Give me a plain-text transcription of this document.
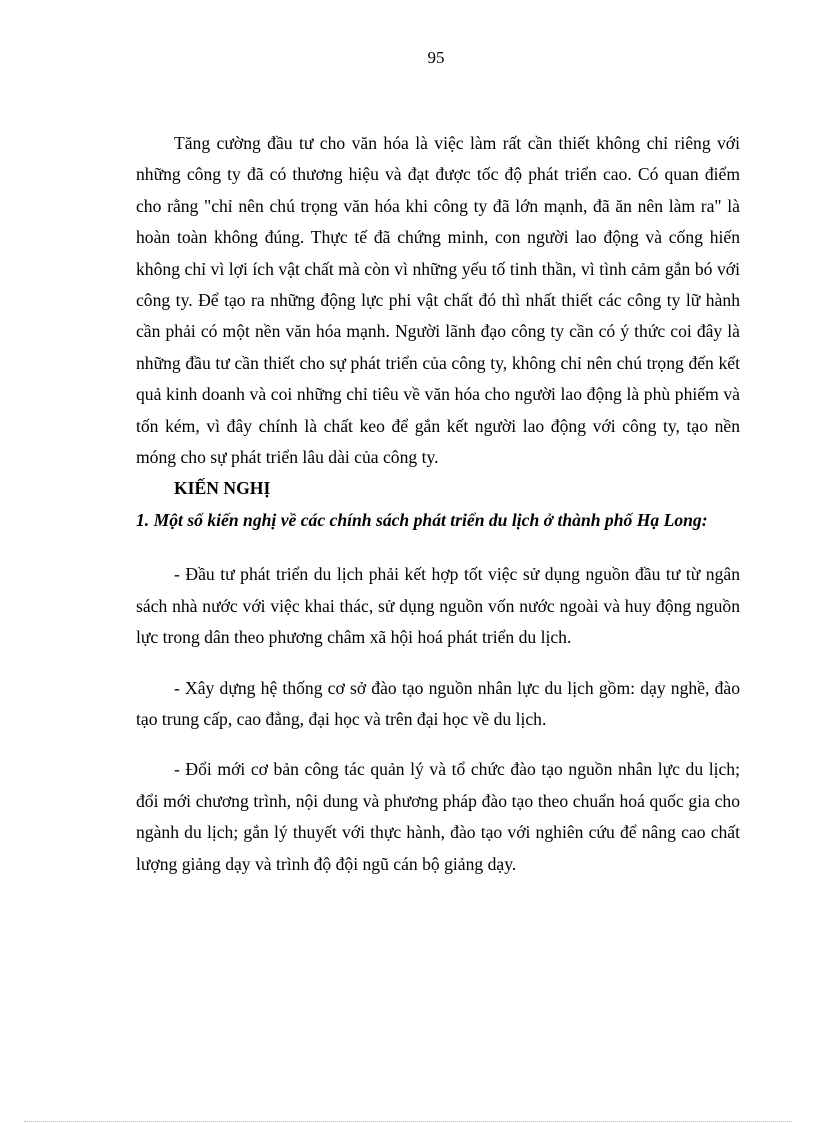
95

Tăng cường đầu tư cho văn hóa là việc làm rất cần thiết không chỉ riêng với những công ty đã có thương hiệu và đạt được tốc độ phát triển cao. Có quan điểm cho rằng "chỉ nên chú trọng văn hóa khi công ty đã lớn mạnh, đã ăn nên làm ra" là hoàn toàn không đúng. Thực tế đã chứng minh, con người lao động và cống hiến không chỉ vì lợi ích vật chất mà còn vì những yếu tố tinh thần, vì tình cảm gắn bó với công ty. Để tạo ra những động lực phi vật chất đó thì nhất thiết các công ty lữ hành cần phải có một nền văn hóa mạnh. Người lãnh đạo công ty cần có ý thức coi đây là những đầu tư cần thiết cho sự phát triển của công ty, không chỉ nên chú trọng đến kết quả kinh doanh và coi những chỉ tiêu về văn hóa cho người lao động là phù phiếm và tốn kém, vì đây chính là chất keo để gắn kết người lao động với công ty, tạo nền móng cho sự phát triển lâu dài của công ty.

KIẾN NGHỊ

1. Một số kiến nghị về các chính sách phát triển du lịch ở thành phố Hạ Long:

- Đầu tư phát triển du lịch phải kết hợp tốt việc sử dụng nguồn đầu tư từ ngân sách nhà nước với việc khai thác, sử dụng nguồn vốn nước ngoài và huy động nguồn lực trong dân theo phương châm xã hội hoá phát triển du lịch.

- Xây dựng hệ thống cơ sở đào tạo nguồn nhân lực du lịch gồm: dạy nghề, đào tạo trung cấp, cao đẳng, đại học và trên đại học về du lịch.

- Đổi mới cơ bản công tác quản lý và tổ chức đào tạo nguồn nhân lực du lịch; đổi mới chương trình, nội dung và phương pháp đào tạo theo chuẩn hoá quốc gia cho ngành du lịch; gắn lý thuyết với thực hành, đào tạo với nghiên cứu để nâng cao chất lượng giảng dạy và trình độ đội ngũ cán bộ giảng dạy.
